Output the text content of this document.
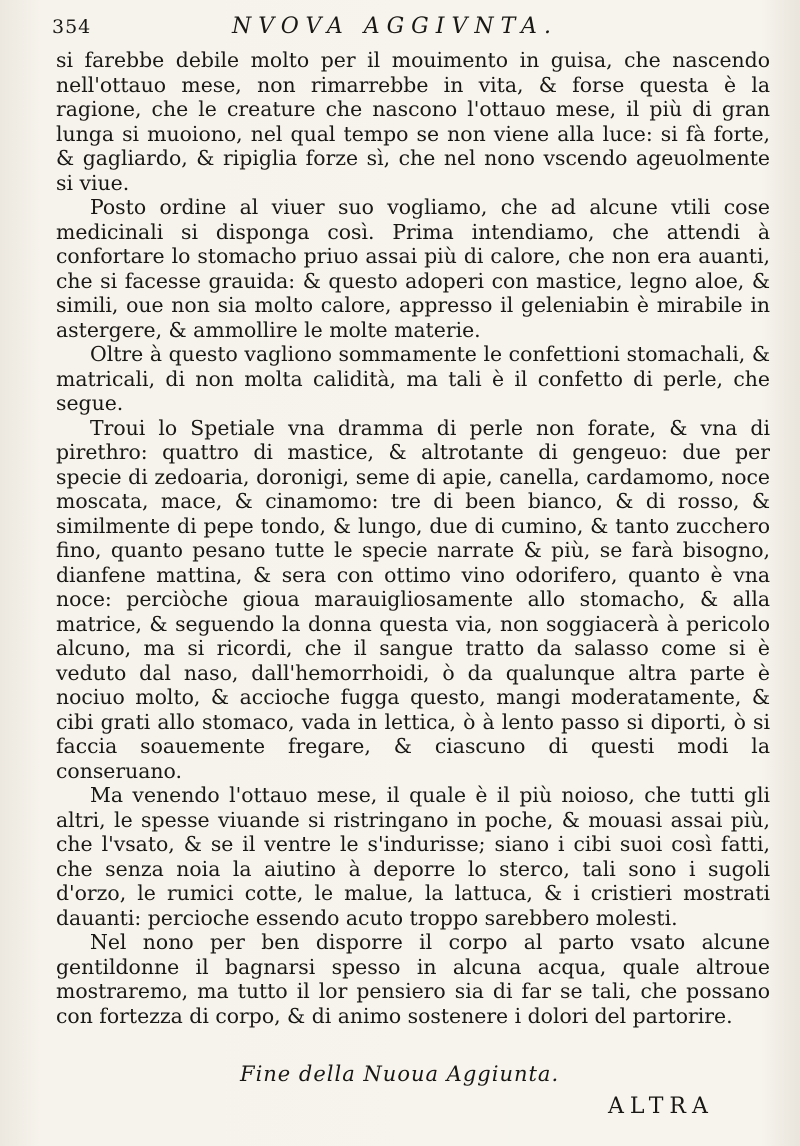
354	NVOVA AGGIVNTA.

si farebbe debile molto per il mouimento in guisa, che nascendo nell'ottauo mese, non rimarrebbe in vita, & forse questa è la ragione, che le creature che nascono l'ottauo mese, il più di gran lunga si muoiono, nel qual tempo se non viene alla luce: si fà forte, & gagliardo, & ripiglia forze sì, che nel nono vscendo ageuolmente si viue.

Posto ordine al viuer suo vogliamo, che ad alcune vtili cose medicinali si disponga così. Prima intendiamo, che attendi à confortare lo stomacho priuo assai più di calore, che non era auanti, che si facesse grauida: & questo adoperi con mastice, legno aloe, & simili, oue non sia molto calore, appresso il geleniabin è mirabile in astergere, & ammollire le molte materie.

Oltre à questo vagliono sommamente le confettioni stomachali, & matricali, di non molta calidità, ma tali è il confetto di perle, che segue.

Troui lo Spetiale vna dramma di perle non forate, & vna di pirethro: quattro di mastice, & altrotante di gengeuo: due per specie di zedoaria, doronigi, seme di apie, canella, cardamomo, noce moscata, mace, & cinamomo: tre di been bianco, & di rosso, & similmente di pepe tondo, & lungo, due di cumino, & tanto zucchero fino, quanto pesano tutte le specie narrate & più, se farà bisogno, dianfene mattina, & sera con ottimo vino odorifero, quanto è vna noce: perciòche gioua marauigliosamente allo stomacho, & alla matrice, & seguendo la donna questa via, non soggiacerà à pericolo alcuno, ma si ricordi, che il sangue tratto da salasso come si è veduto dal naso, dall'hemorrhoidi, ò da qualunque altra parte è nociuo molto, & accioche fugga questo, mangi moderatamente, & cibi grati allo stomaco, vada in lettica, ò à lento passo si diporti, ò si faccia soauemente fregare, & ciascuno di questi modi la conseruano.

Ma venendo l'ottauo mese, il quale è il più noioso, che tutti gli altri, le spesse viuande si ristringano in poche, & mouasi assai più, che l'vsato, & se il ventre le s'indurisse; siano i cibi suoi così fatti, che senza noia la aiutino à deporre lo sterco, tali sono i sugoli d'orzo, le rumici cotte, le malue, la lattuca, & i cristieri mostrati dauanti: percioche essendo acuto troppo sarebbero molesti.

Nel nono per ben disporre il corpo al parto vsato alcune gentildonne il bagnarsi spesso in alcuna acqua, quale altroue mostraremo, ma tutto il lor pensiero sia di far se tali, che possano con fortezza di corpo, & di animo sostenere i dolori del partorire.

Fine della Nuoua Aggiunta.
ALTRA
